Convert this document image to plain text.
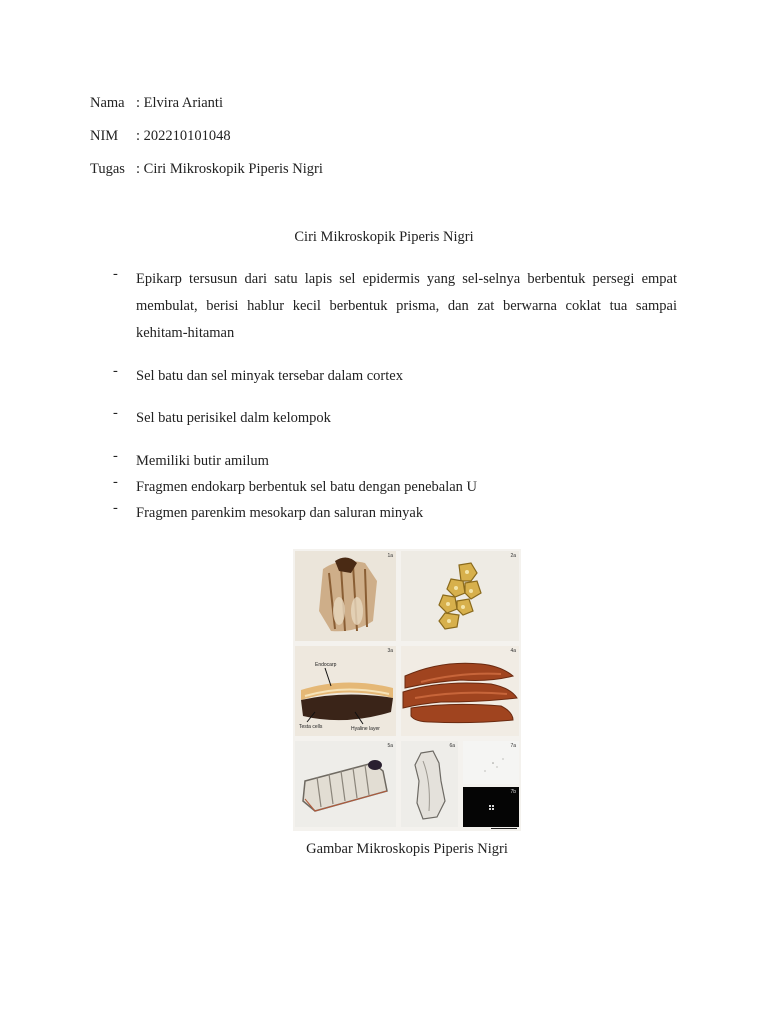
Nama : Elvira Arianti
NIM : 202210101048
Tugas : Ciri Mikroskopik Piperis Nigri
Ciri Mikroskopik Piperis Nigri
- Epikarp tersusun dari satu lapis sel epidermis yang sel-selnya berbentuk persegi empat membulat, berisi hablur kecil berbentuk prisma, dan zat berwarna coklat tua sampai kehitam-hitaman
- Sel batu dan sel minyak tersebar dalam cortex
- Sel batu perisikel dalm kelompok
- Memiliki butir amilum
- Fragmen endokarp berbentuk sel batu dengan penebalan U
- Fragmen parenkim mesokarp dan saluran minyak
1a	2a
3a
Endocarp
Testa cells	Hyaline layer
4a
5a	6a	7a
7b
Gambar Mikroskopis Piperis Nigri
